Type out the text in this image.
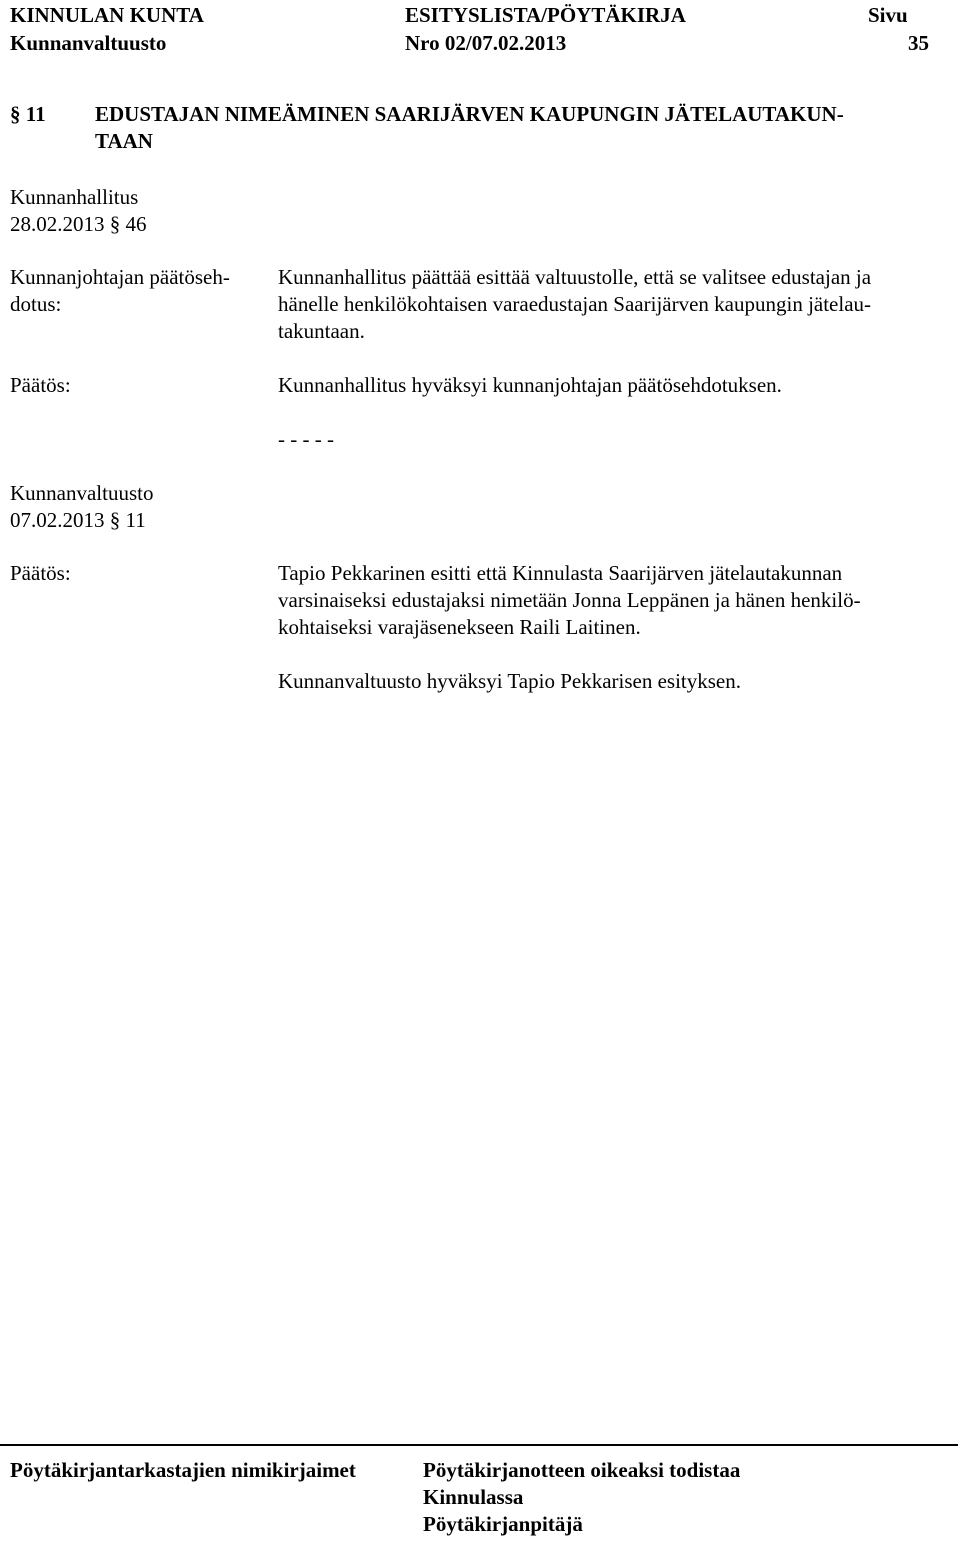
KINNULAN KUNTA	ESITYSLISTA/PÖYTÄKIRJA	Sivu
Kunnanvaltuusto	Nro 02/07.02.2013	35
§ 11 EDUSTAJAN NIMEÄMINEN SAARIJÄRVEN KAUPUNGIN JÄTELAUTAKUN-
TAAN
Kunnanhallitus
28.02.2013 § 46
Kunnanjohtajan päätöseh-
dotus:
Kunnanhallitus päättää esittää valtuustolle, että se valitsee edustajan ja
hänelle henkilökohtaisen varaedustajan Saarijärven kaupungin jätelau-
takuntaan.
Päätös:	Kunnanhallitus hyväksyi kunnanjohtajan päätösehdotuksen.
- - - - -
Kunnanvaltuusto
07.02.2013 § 11
Päätös:	Tapio Pekkarinen esitti että Kinnulasta Saarijärven jätelautakunnan
varsinaiseksi edustajaksi nimetään Jonna Leppänen ja hänen henkilö-
kohtaiseksi varajäsenekseen Raili Laitinen.
Kunnanvaltuusto hyväksyi Tapio Pekkarisen esityksen.
Pöytäkirjantarkastajien nimikirjaimet	Pöytäkirjanotteen oikeaksi todistaa
Kinnulassa
Pöytäkirjanpitäjä
